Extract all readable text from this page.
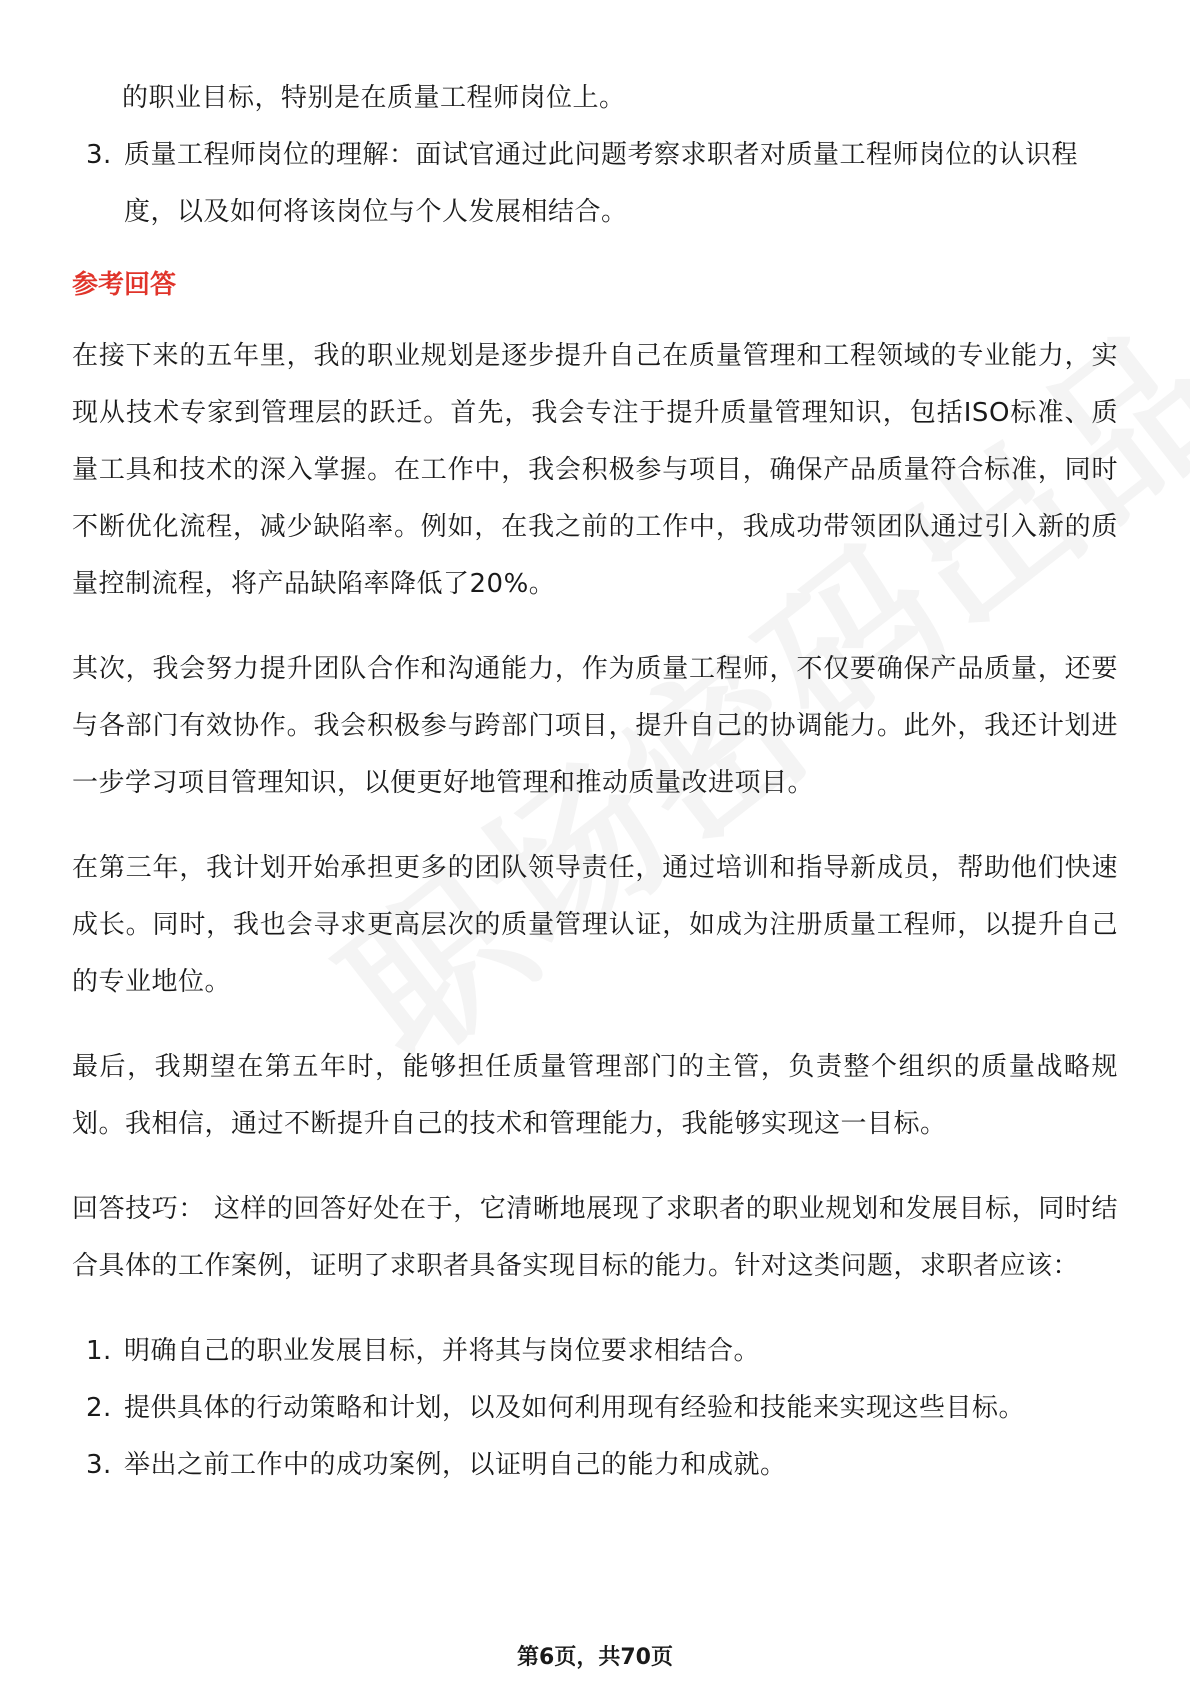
的职业目标，特别是在质量工程师岗位上。

3. 质量工程师岗位的理解：面试官通过此问题考察求职者对质量工程师岗位的认识程度，以及如何将该岗位与个人发展相结合。
参考回答

在接下来的五年里，我的职业规划是逐步提升自己在质量管理和工程领域的专业能力，实现从技术专家到管理层的跃迁。首先，我会专注于提升质量管理知识，包括ISO标准、质量工具和技术的深入掌握。在工作中，我会积极参与项目，确保产品质量符合标准，同时不断优化流程，减少缺陷率。例如，在我之前的工作中，我成功带领团队通过引入新的质量控制流程，将产品缺陷率降低了20%。

其次，我会努力提升团队合作和沟通能力，作为质量工程师，不仅要确保产品质量，还要与各部门有效协作。我会积极参与跨部门项目，提升自己的协调能力。此外，我还计划进一步学习项目管理知识，以便更好地管理和推动质量改进项目。

在第三年，我计划开始承担更多的团队领导责任，通过培训和指导新成员，帮助他们快速成长。同时，我也会寻求更高层次的质量管理认证，如成为注册质量工程师，以提升自己的专业地位。

最后，我期望在第五年时，能够担任质量管理部门的主管，负责整个组织的质量战略规划。我相信，通过不断提升自己的技术和管理能力，我能够实现这一目标。

回答技巧： 这样的回答好处在于，它清晰地展现了求职者的职业规划和发展目标，同时结合具体的工作案例，证明了求职者具备实现目标的能力。针对这类问题，求职者应该：

1. 明确自己的职业发展目标，并将其与岗位要求相结合。
2. 提供具体的行动策略和计划，以及如何利用现有经验和技能来实现这些目标。
3. 举出之前工作中的成功案例，以证明自己的能力和成就。
第6页，共70页
